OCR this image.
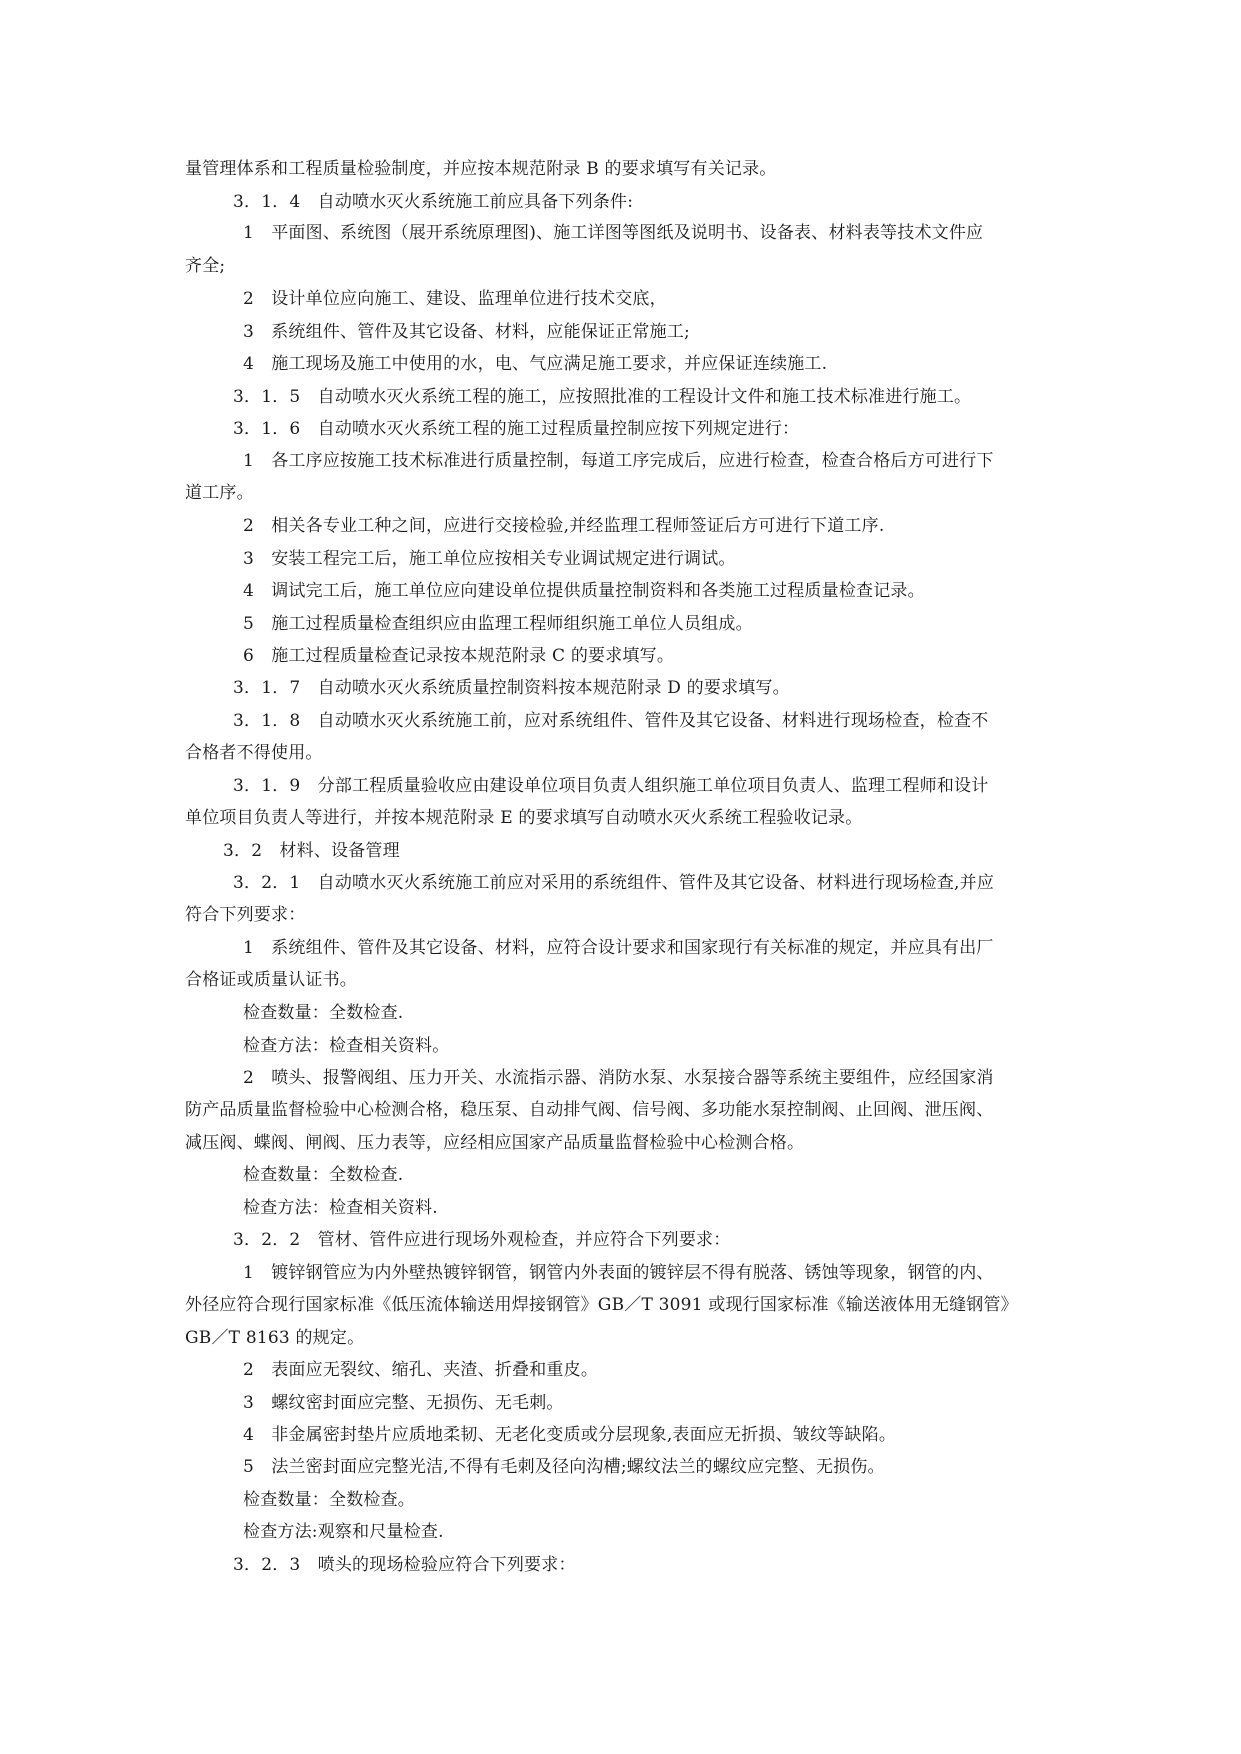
量管理体系和工程质量检验制度，并应按本规范附录 B 的要求填写有关记录。
3．1．4　自动喷水灭火系统施工前应具备下列条件:
1　平面图、系统图（展开系统原理图)、施工详图等图纸及说明书、设备表、材料表等技术文件应
齐全;
2　设计单位应向施工、建设、监理单位进行技术交底，
3　系统组件、管件及其它设备、材料，应能保证正常施工;
4　施工现场及施工中使用的水，电、气应满足施工要求，并应保证连续施工.
3．1．5　自动喷水灭火系统工程的施工，应按照批准的工程设计文件和施工技术标准进行施工。
3．1．6　自动喷水灭火系统工程的施工过程质量控制应按下列规定进行：
1　各工序应按施工技术标准进行质量控制，每道工序完成后，应进行检查，检查合格后方可进行下
道工序。
2　相关各专业工种之间，应进行交接检验,并经监理工程师签证后方可进行下道工序.
3　安装工程完工后，施工单位应按相关专业调试规定进行调试。
4　调试完工后，施工单位应向建设单位提供质量控制资料和各类施工过程质量检查记录。
5　施工过程质量检查组织应由监理工程师组织施工单位人员组成。
6　施工过程质量检查记录按本规范附录 C 的要求填写。
3．1．7　自动喷水灭火系统质量控制资料按本规范附录 D 的要求填写。
3．1．8　自动喷水灭火系统施工前，应对系统组件、管件及其它设备、材料进行现场检查，检查不
合格者不得使用。
3．1．9　分部工程质量验收应由建设单位项目负责人组织施工单位项目负责人、监理工程师和设计
单位项目负责人等进行，并按本规范附录 E 的要求填写自动喷水灭火系统工程验收记录。
3．2　材料、设备管理
3．2．1　自动喷水灭火系统施工前应对采用的系统组件、管件及其它设备、材料进行现场检查,并应
符合下列要求：
1　系统组件、管件及其它设备、材料，应符合设计要求和国家现行有关标准的规定，并应具有出厂
合格证或质量认证书。
检查数量：全数检查.
检查方法：检查相关资料。
2　喷头、报警阀组、压力开关、水流指示器、消防水泵、水泵接合器等系统主要组件，应经国家消
防产品质量监督检验中心检测合格，稳压泵、自动排气阀、信号阀、多功能水泵控制阀、止回阀、泄压阀、
减压阀、蝶阀、闸阀、压力表等，应经相应国家产品质量监督检验中心检测合格。
检查数量：全数检查.
检查方法：检查相关资料.
3．2．2　管材、管件应进行现场外观检查，并应符合下列要求：
1　镀锌钢管应为内外壁热镀锌钢管，钢管内外表面的镀锌层不得有脱落、锈蚀等现象，钢管的内、
外径应符合现行国家标准《低压流体输送用焊接钢管》GB／T 3091 或现行国家标准《输送液体用无缝钢管》
GB／T 8163 的规定。
2　表面应无裂纹、缩孔、夹渣、折叠和重皮。
3　螺纹密封面应完整、无损伤、无毛刺。
4　非金属密封垫片应质地柔韧、无老化变质或分层现象,表面应无折损、皱纹等缺陷。
5　法兰密封面应完整光洁,不得有毛刺及径向沟槽;螺纹法兰的螺纹应完整、无损伤。
检查数量：全数检查。
检查方法:观察和尺量检查.
3．2．3　喷头的现场检验应符合下列要求：
